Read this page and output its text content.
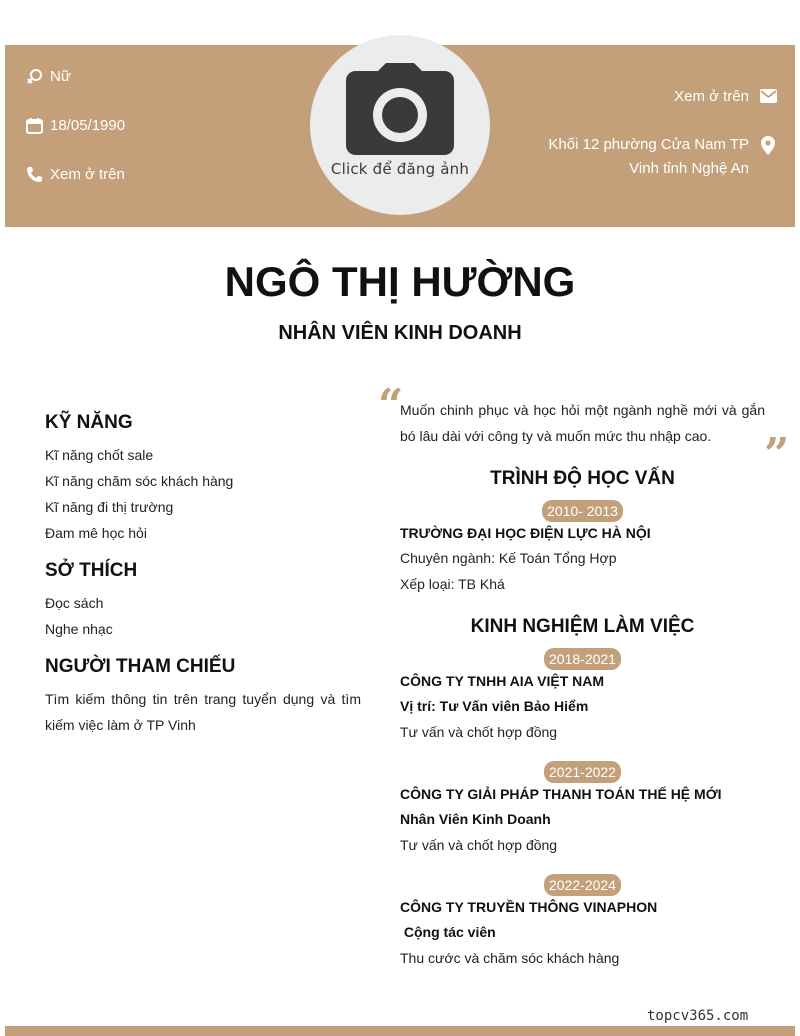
Nữ
18/05/1990
Xem ở trên
Xem ở trên
Khối 12 phường Cửa Nam TP
Vinh tỉnh Nghệ An
Click để đăng ảnh
NGÔ THỊ HƯỜNG
NHÂN VIÊN KINH DOANH
KỸ NĂNG
Kĩ năng chốt sale
Kĩ năng chăm sóc khách hàng
Kĩ năng đi thị trường
Đam mê học hỏi
SỞ THÍCH
Đọc sách
Nghe nhạc
NGƯỜI THAM CHIẾU
Tìm kiếm thông tin trên trang tuyển dụng và tìm kiếm việc làm ở TP Vinh
“
Muốn chinh phục và học hỏi một ngành nghề mới và gắn bó lâu dài với công ty và muốn mức thu nhập cao.	”
TRÌNH ĐỘ HỌC VẤN
2010- 2013
TRƯỜNG ĐẠI HỌC ĐIỆN LỰC HÀ NỘI
Chuyên ngành: Kế Toán Tổng Hợp
Xếp loại: TB Khá
KINH NGHIỆM LÀM VIỆC
2018-2021
CÔNG TY TNHH AIA VIỆT NAM
Vị trí: Tư Vấn viên Bảo Hiểm
Tư vấn và chốt hợp đồng
2021-2022
CÔNG TY GIẢI PHÁP THANH TOÁN THẾ HỆ MỚI
Nhân Viên Kinh Doanh
Tư vấn và chốt hợp đồng
2022-2024
CÔNG TY TRUYỀN THÔNG VINAPHON
Cộng tác viên
Thu cước và chăm sóc khách hàng
topcv365.com
